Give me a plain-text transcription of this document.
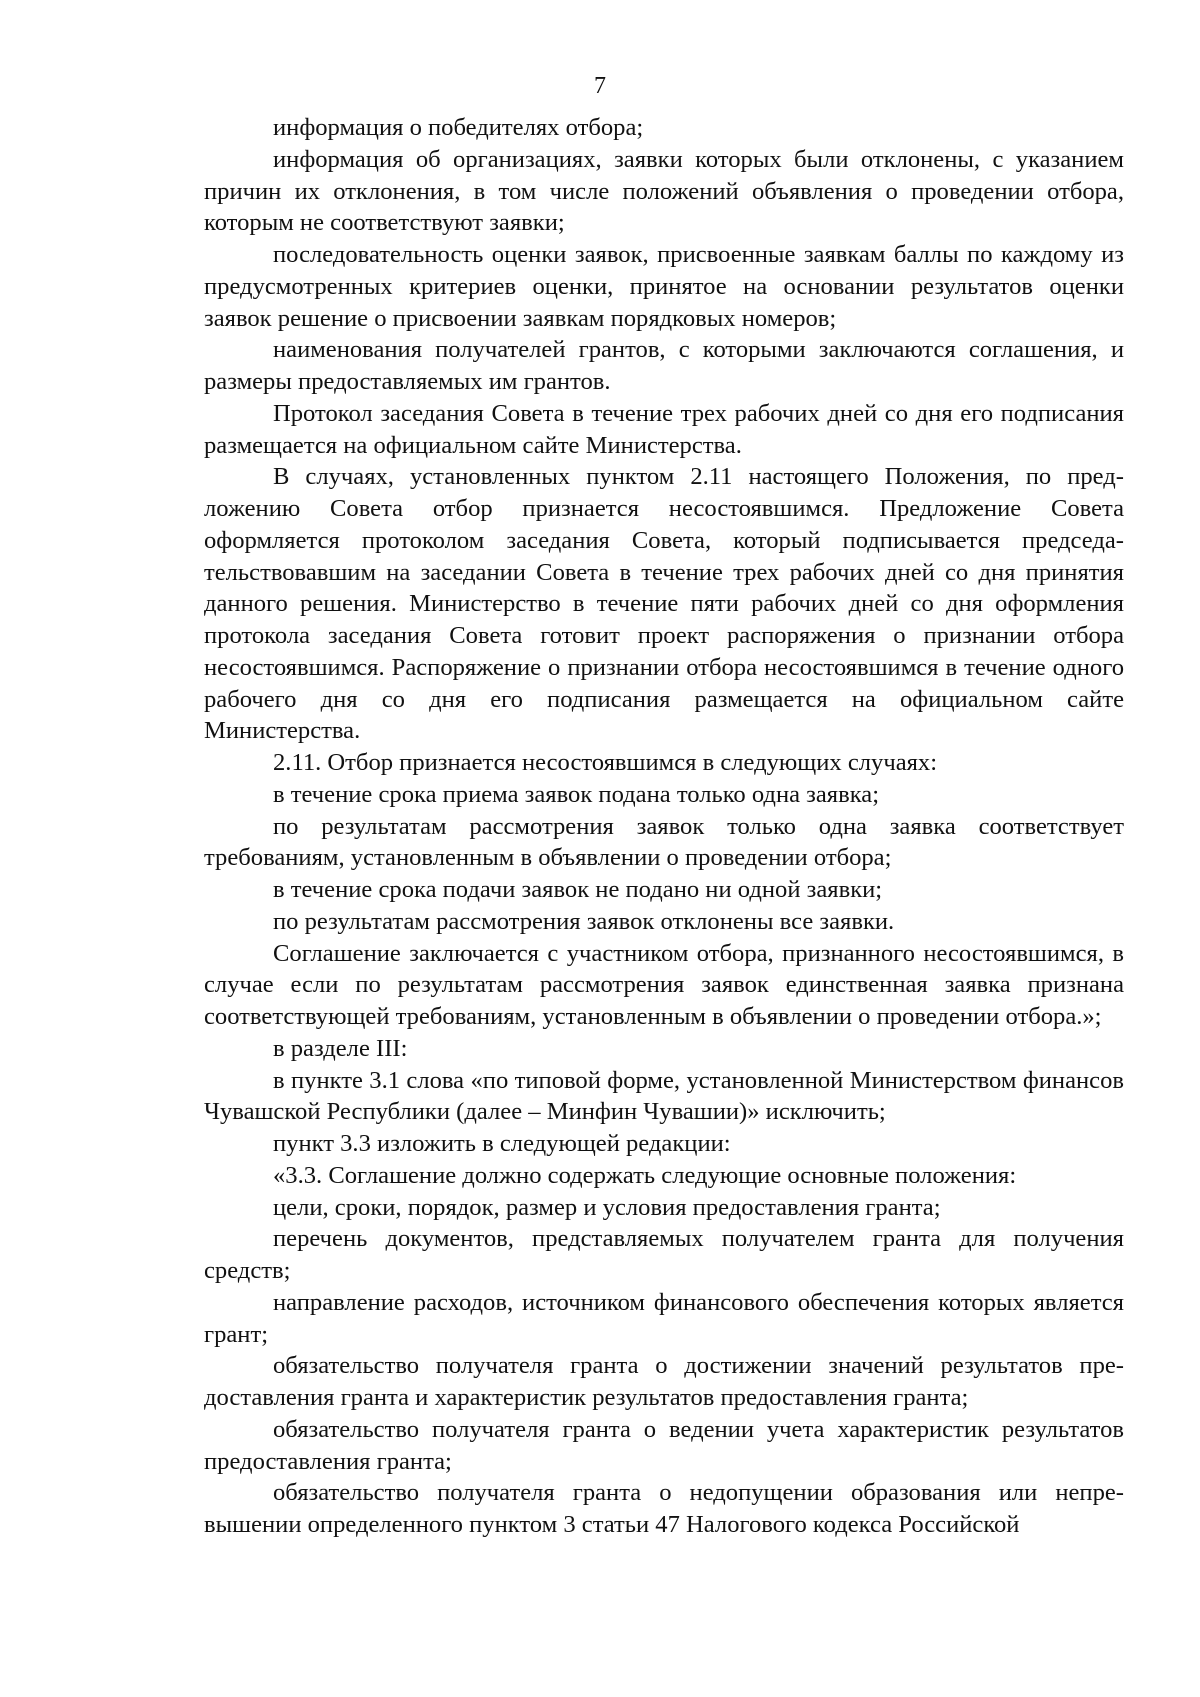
7

информация о победителях отбора;

информация об организациях, заявки которых были отклонены, с указанием причин их отклонения, в том числе положений объявления о проведении отбора, которым не соответствуют заявки;

последовательность оценки заявок, присвоенные заявкам баллы по каждому из предусмотренных критериев оценки, принятое на основании результатов оценки заявок решение о присвоении заявкам порядковых номеров;

наименования получателей грантов, с которыми заключаются соглашения, и размеры предоставляемых им грантов.

Протокол заседания Совета в течение трех рабочих дней со дня его подписания размещается на официальном сайте Министерства.

В случаях, установленных пунктом 2.11 настоящего Положения, по предложению Совета отбор признается несостоявшимся. Предложение Совета оформляется протоколом заседания Совета, который подписывается председательствовавшим на заседании Совета в течение трех рабочих дней со дня принятия данного решения. Министерство в течение пяти рабочих дней со дня оформления протокола заседания Совета готовит проект распоряжения о признании отбора несостоявшимся. Распоряжение о признании отбора несостоявшимся в течение одного рабочего дня со дня его подписания размещается на официальном сайте Министерства.

2.11. Отбор признается несостоявшимся в следующих случаях:

в течение срока приема заявок подана только одна заявка;

по результатам рассмотрения заявок только одна заявка соответствует требованиям, установленным в объявлении о проведении отбора;

в течение срока подачи заявок не подано ни одной заявки;

по результатам рассмотрения заявок отклонены все заявки.

Соглашение заключается с участником отбора, признанного несостоявшимся, в случае если по результатам рассмотрения заявок единственная заявка признана соответствующей требованиям, установленным в объявлении о проведении отбора.»;

в разделе III:

в пункте 3.1 слова «по типовой форме, установленной Министерством финансов Чувашской Республики (далее – Минфин Чувашии)» исключить;

пункт 3.3 изложить в следующей редакции:

«3.3. Соглашение должно содержать следующие основные положения:

цели, сроки, порядок, размер и условия предоставления гранта;

перечень документов, представляемых получателем гранта для получения средств;

направление расходов, источником финансового обеспечения которых является грант;

обязательство получателя гранта о достижении значений результатов предоставления гранта и характеристик результатов предоставления гранта;

обязательство получателя гранта о ведении учета характеристик результатов предоставления гранта;

обязательство получателя гранта о недопущении образования или непревышении определенного пунктом 3 статьи 47 Налогового кодекса Российской
